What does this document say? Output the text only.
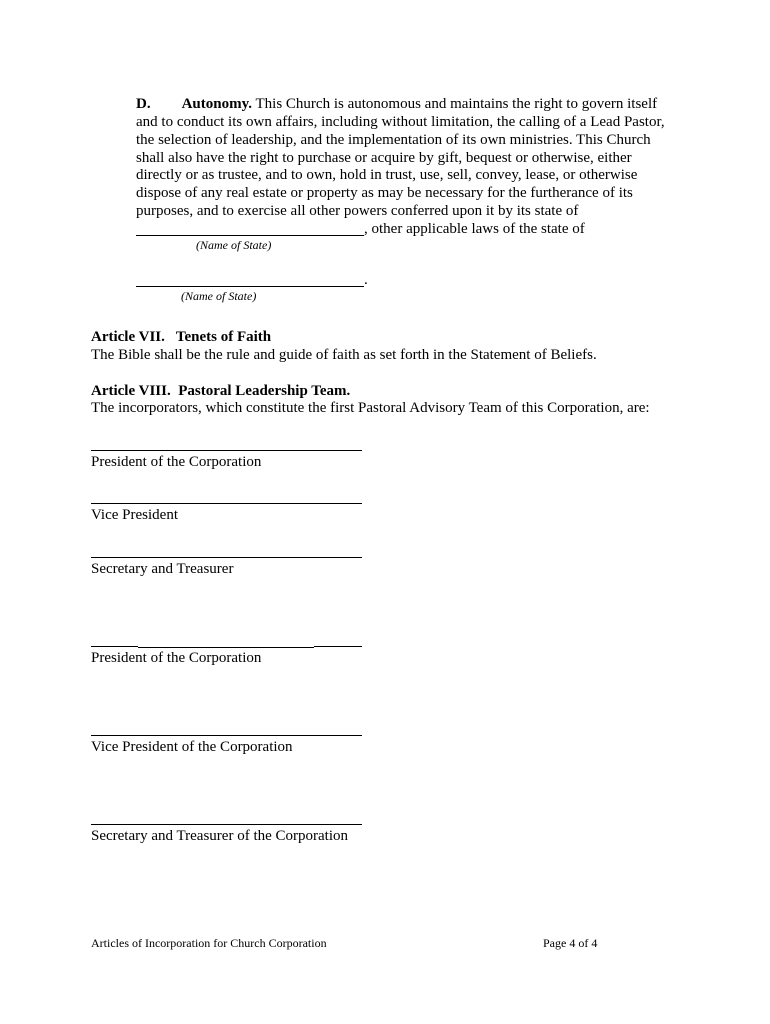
D. Autonomy. This Church is autonomous and maintains the right to govern itself
and to conduct its own affairs, including without limitation, the calling of a Lead Pastor,
the selection of leadership, and the implementation of its own ministries. This Church
shall also have the right to purchase or acquire by gift, bequest or otherwise, either
directly or as trustee, and to own, hold in trust, use, sell, convey, lease, or otherwise
dispose of any real estate or property as may be necessary for the furtherance of its
purposes, and to exercise all other powers conferred upon it by its state of
, other applicable laws of the state of
(Name of State)
.
(Name of State)
Article VII.   Tenets of Faith
The Bible shall be the rule and guide of faith as set forth in the Statement of Beliefs.
Article VIII.  Pastoral Leadership Team.
The incorporators, which constitute the first Pastoral Advisory Team of this Corporation, are:
President of the Corporation
Vice President
Secretary and Treasurer
President of the Corporation
Vice President of the Corporation
Secretary and Treasurer of the Corporation
Articles of Incorporation for Church Corporation	Page 4 of 4
